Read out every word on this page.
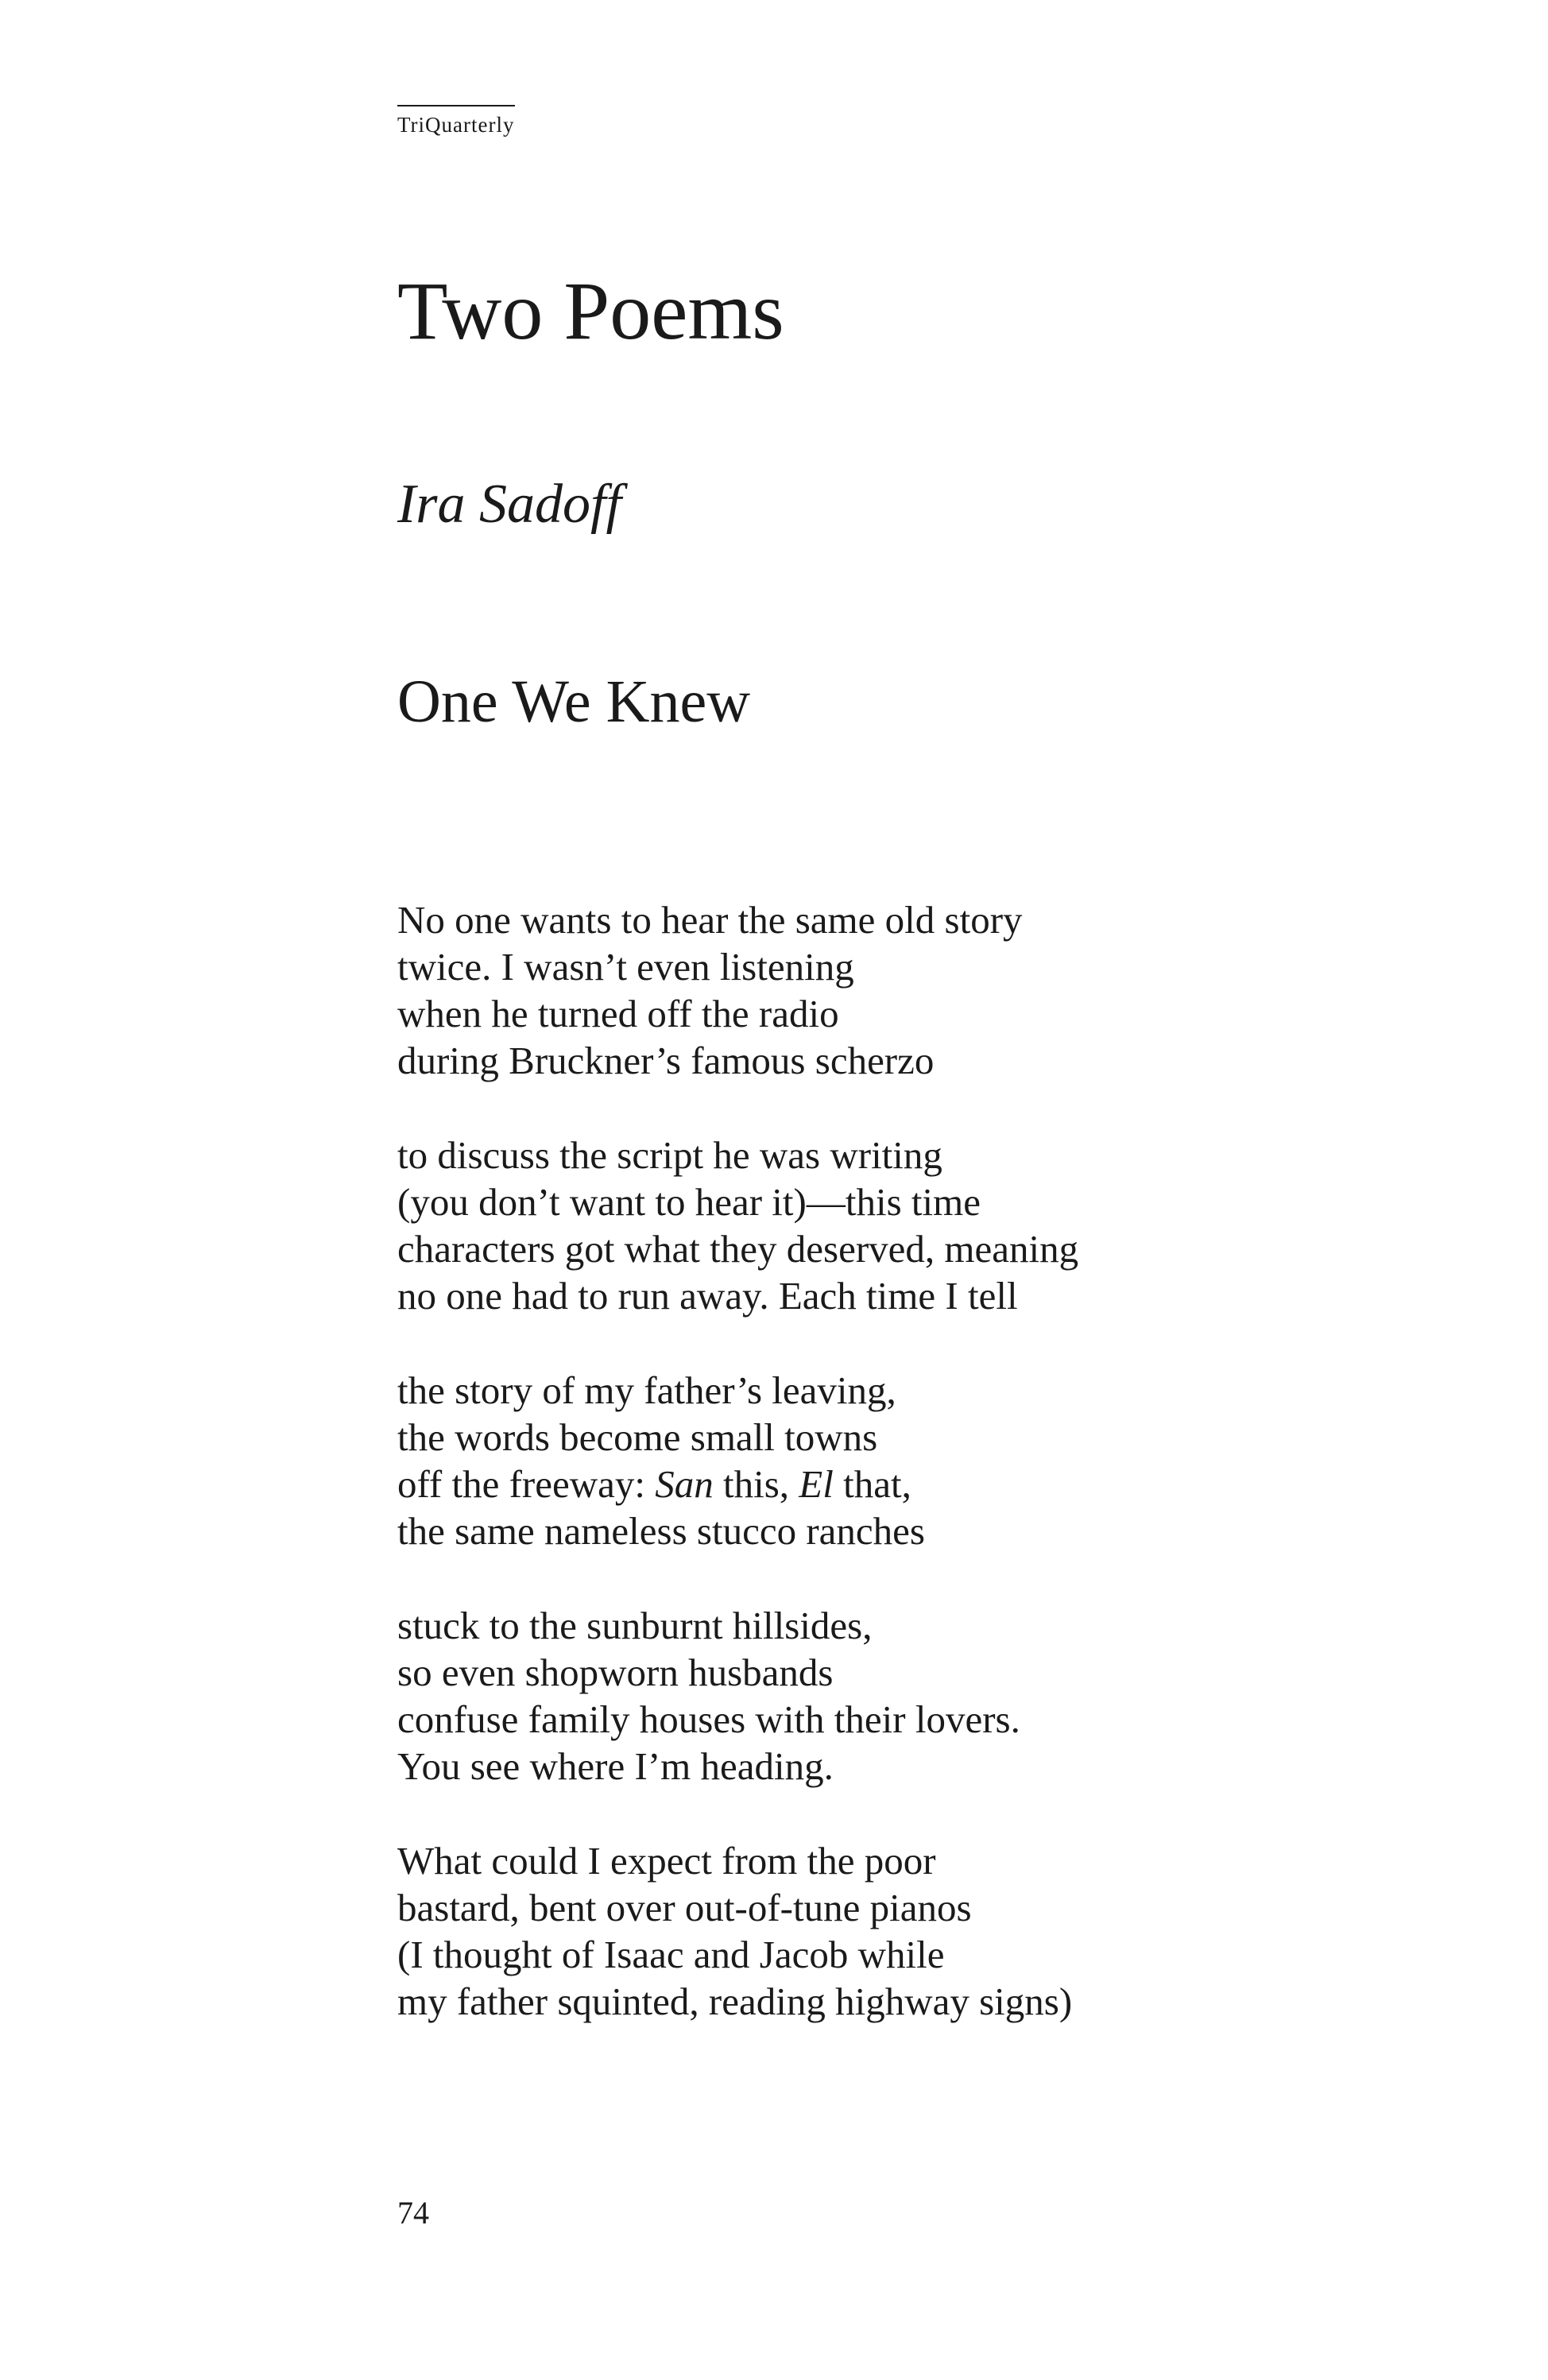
TriQuarterly
Two Poems
Ira Sadoff
One We Knew
No one wants to hear the same old story
twice. I wasn’t even listening
when he turned off the radio
during Bruckner’s famous scherzo
to discuss the script he was writing
(you don’t want to hear it)—this time
characters got what they deserved, meaning
no one had to run away. Each time I tell
the story of my father’s leaving,
the words become small towns
off the freeway: San this, El that,
the same nameless stucco ranches
stuck to the sunburnt hillsides,
so even shopworn husbands
confuse family houses with their lovers.
You see where I’m heading.
What could I expect from the poor
bastard, bent over out-of-tune pianos
(I thought of Isaac and Jacob while
my father squinted, reading highway signs)
74
